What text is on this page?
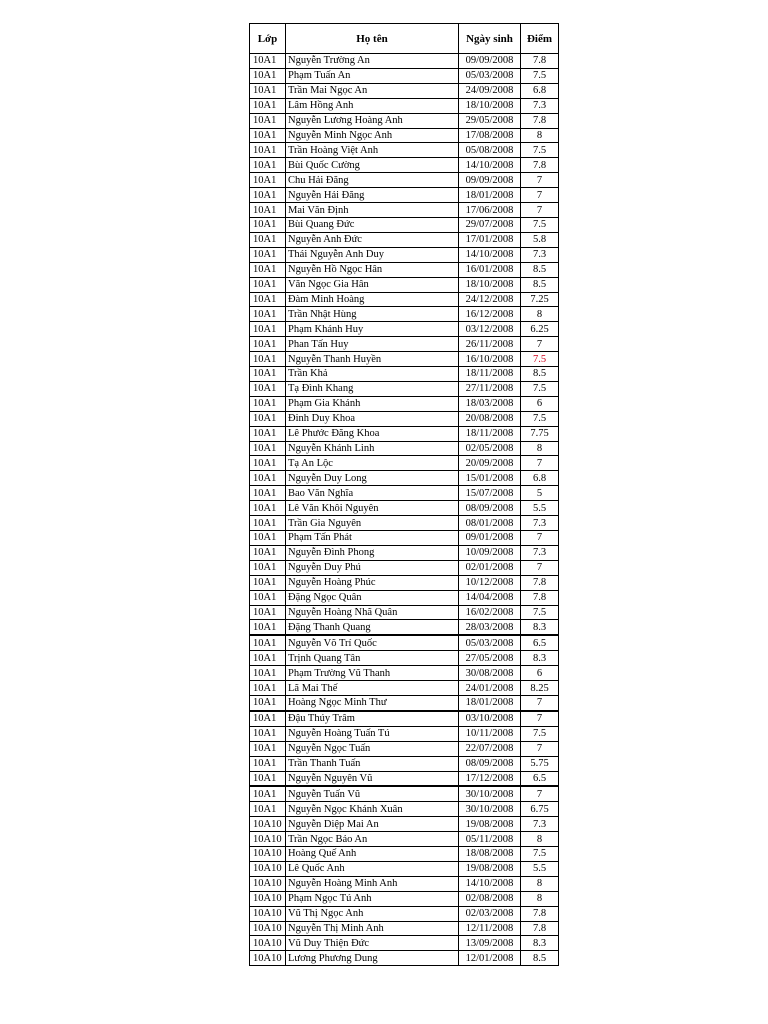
Lớp	Họ tên	Ngày sinh	Điểm
10A1	Nguyễn Trường An	09/09/2008	7.8
10A1	Phạm Tuấn An	05/03/2008	7.5
10A1	Trần Mai Ngọc An	24/09/2008	6.8
10A1	Lâm Hồng Anh	18/10/2008	7.3
10A1	Nguyễn Lương Hoàng Anh	29/05/2008	7.8
10A1	Nguyễn Minh Ngọc Anh	17/08/2008	8
10A1	Trần Hoàng Việt Anh	05/08/2008	7.5
10A1	Bùi Quốc Cường	14/10/2008	7.8
10A1	Chu Hải Đăng	09/09/2008	7
10A1	Nguyễn Hải Đăng	18/01/2008	7
10A1	Mai Văn Định	17/06/2008	7
10A1	Bùi Quang Đức	29/07/2008	7.5
10A1	Nguyễn Anh Đức	17/01/2008	5.8
10A1	Thái Nguyễn Anh Duy	14/10/2008	7.3
10A1	Nguyễn Hồ Ngọc Hân	16/01/2008	8.5
10A1	Văn Ngọc Gia Hân	18/10/2008	8.5
10A1	Đàm Minh Hoàng	24/12/2008	7.25
10A1	Trần Nhật Hùng	16/12/2008	8
10A1	Phạm Khánh Huy	03/12/2008	6.25
10A1	Phan Tấn Huy	26/11/2008	7
10A1	Nguyễn Thanh Huyền	16/10/2008	7.5
10A1	Trần Khả	18/11/2008	8.5
10A1	Tạ Đình Khang	27/11/2008	7.5
10A1	Phạm Gia Khánh	18/03/2008	6
10A1	Đinh Duy Khoa	20/08/2008	7.5
10A1	Lê Phước Đăng Khoa	18/11/2008	7.75
10A1	Nguyễn Khánh Linh	02/05/2008	8
10A1	Tạ An Lộc	20/09/2008	7
10A1	Nguyễn Duy Long	15/01/2008	6.8
10A1	Bao Văn Nghĩa	15/07/2008	5
10A1	Lê Văn Khôi Nguyên	08/09/2008	5.5
10A1	Trần Gia Nguyên	08/01/2008	7.3
10A1	Phạm Tấn Phát	09/01/2008	7
10A1	Nguyễn Đình Phong	10/09/2008	7.3
10A1	Nguyễn Duy Phú	02/01/2008	7
10A1	Nguyễn Hoàng Phúc	10/12/2008	7.8
10A1	Đặng Ngọc Quân	14/04/2008	7.8
10A1	Nguyễn Hoàng Nhã Quân	16/02/2008	7.5
10A1	Đặng Thanh Quang	28/03/2008	8.3
10A1	Nguyễn Võ Trí Quốc	05/03/2008	6.5
10A1	Trịnh Quang Tân	27/05/2008	8.3
10A1	Phạm Trường Vũ Thanh	30/08/2008	6
10A1	Lã Mai Thế	24/01/2008	8.25
10A1	Hoàng Ngọc Minh Thư	18/01/2008	7
10A1	Đậu Thúy Trâm	03/10/2008	7
10A1	Nguyễn Hoàng Tuấn Tú	10/11/2008	7.5
10A1	Nguyễn Ngọc Tuấn	22/07/2008	7
10A1	Trần Thanh Tuấn	08/09/2008	5.75
10A1	Nguyễn Nguyên Vũ	17/12/2008	6.5
10A1	Nguyễn Tuấn Vũ	30/10/2008	7
10A1	Nguyễn Ngọc Khánh Xuân	30/10/2008	6.75
10A10	Nguyễn Diệp Mai An	19/08/2008	7.3
10A10	Trần Ngọc Bảo An	05/11/2008	8
10A10	Hoàng Quế Anh	18/08/2008	7.5
10A10	Lê Quốc Anh	19/08/2008	5.5
10A10	Nguyễn Hoàng Minh Anh	14/10/2008	8
10A10	Phạm Ngọc Tú Anh	02/08/2008	8
10A10	Vũ Thị Ngọc Anh	02/03/2008	7.8
10A10	Nguyễn Thị Minh Anh	12/11/2008	7.8
10A10	Vũ Duy Thiện Đức	13/09/2008	8.3
10A10	Lương Phương Dung	12/01/2008	8.5
